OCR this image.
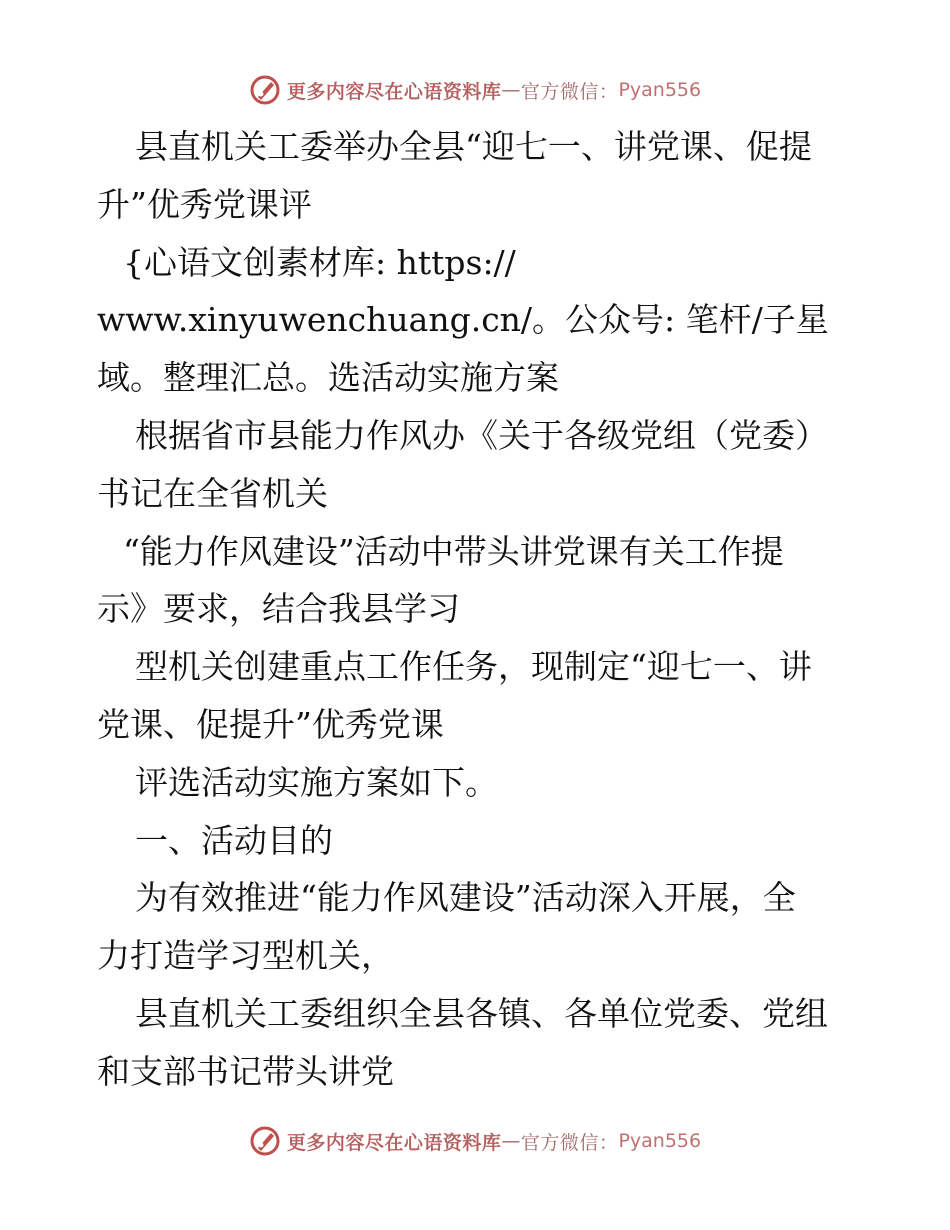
更多内容尽在心语资料库 — 官方微信： Pyan556
县直机关工委举办全县“迎七一、讲党课、促提
升”优秀党课评
{心语文创素材库: https://
www.xinyuwenchuang.cn/。公众号: 笔杆/子星
域。整理汇总。选活动实施方案
根据省市县能力作风办《关于各级党组（党委）
书记在全省机关
“能力作风建设”活动中带头讲党课有关工作提
示》要求，结合我县学习
型机关创建重点工作任务，现制定“迎七一、讲
党课、促提升”优秀党课
评选活动实施方案如下。
一、活动目的
为有效推进“能力作风建设”活动深入开展，全
力打造学习型机关，
县直机关工委组织全县各镇、各单位党委、党组
和支部书记带头讲党
更多内容尽在心语资料库 — 官方微信： Pyan556
